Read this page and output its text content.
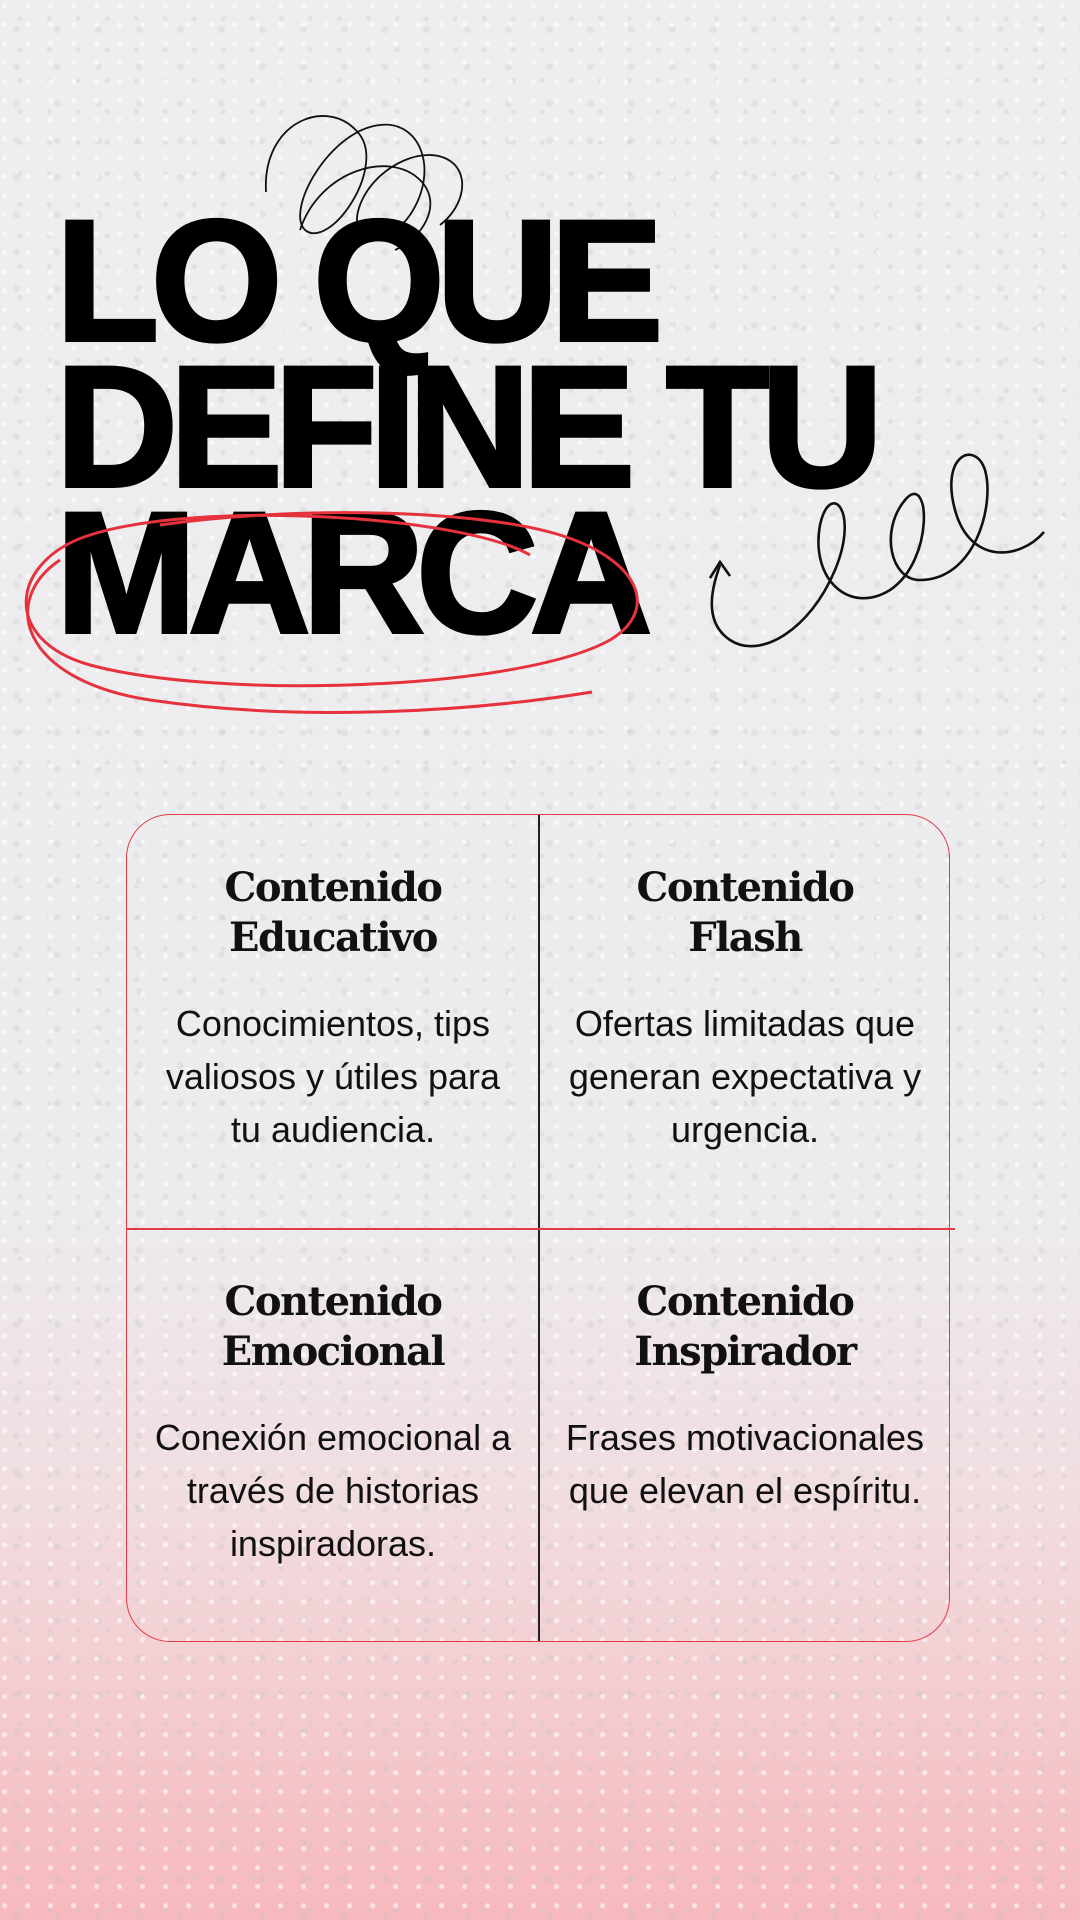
LO QUE
DEFINE TU
MARCA
Contenido
Educativo

Conocimientos, tips valiosos y útiles para tu audiencia.

Contenido
Flash

Ofertas limitadas que generan expectativa y urgencia.

Contenido
Emocional

Conexión emocional a través de historias inspiradoras.

Contenido
Inspirador

Frases motivacionales que elevan el espíritu.
